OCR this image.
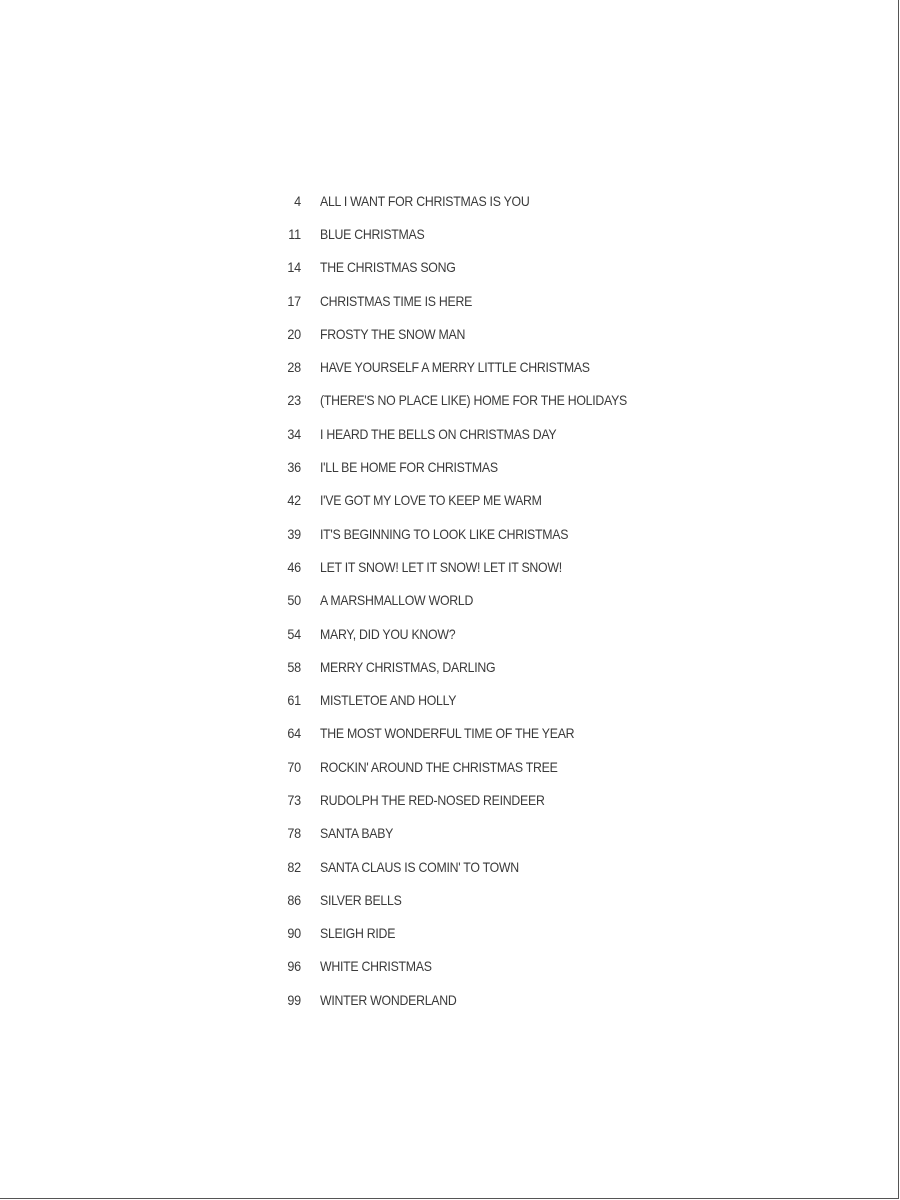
4 ALL I WANT FOR CHRISTMAS IS YOU
11 BLUE CHRISTMAS
14 THE CHRISTMAS SONG
17 CHRISTMAS TIME IS HERE
20 FROSTY THE SNOW MAN
28 HAVE YOURSELF A MERRY LITTLE CHRISTMAS
23 (THERE'S NO PLACE LIKE) HOME FOR THE HOLIDAYS
34 I HEARD THE BELLS ON CHRISTMAS DAY
36 I'LL BE HOME FOR CHRISTMAS
42 I'VE GOT MY LOVE TO KEEP ME WARM
39 IT'S BEGINNING TO LOOK LIKE CHRISTMAS
46 LET IT SNOW! LET IT SNOW! LET IT SNOW!
50 A MARSHMALLOW WORLD
54 MARY, DID YOU KNOW?
58 MERRY CHRISTMAS, DARLING
61 MISTLETOE AND HOLLY
64 THE MOST WONDERFUL TIME OF THE YEAR
70 ROCKIN' AROUND THE CHRISTMAS TREE
73 RUDOLPH THE RED-NOSED REINDEER
78 SANTA BABY
82 SANTA CLAUS IS COMIN' TO TOWN
86 SILVER BELLS
90 SLEIGH RIDE
96 WHITE CHRISTMAS
99 WINTER WONDERLAND
